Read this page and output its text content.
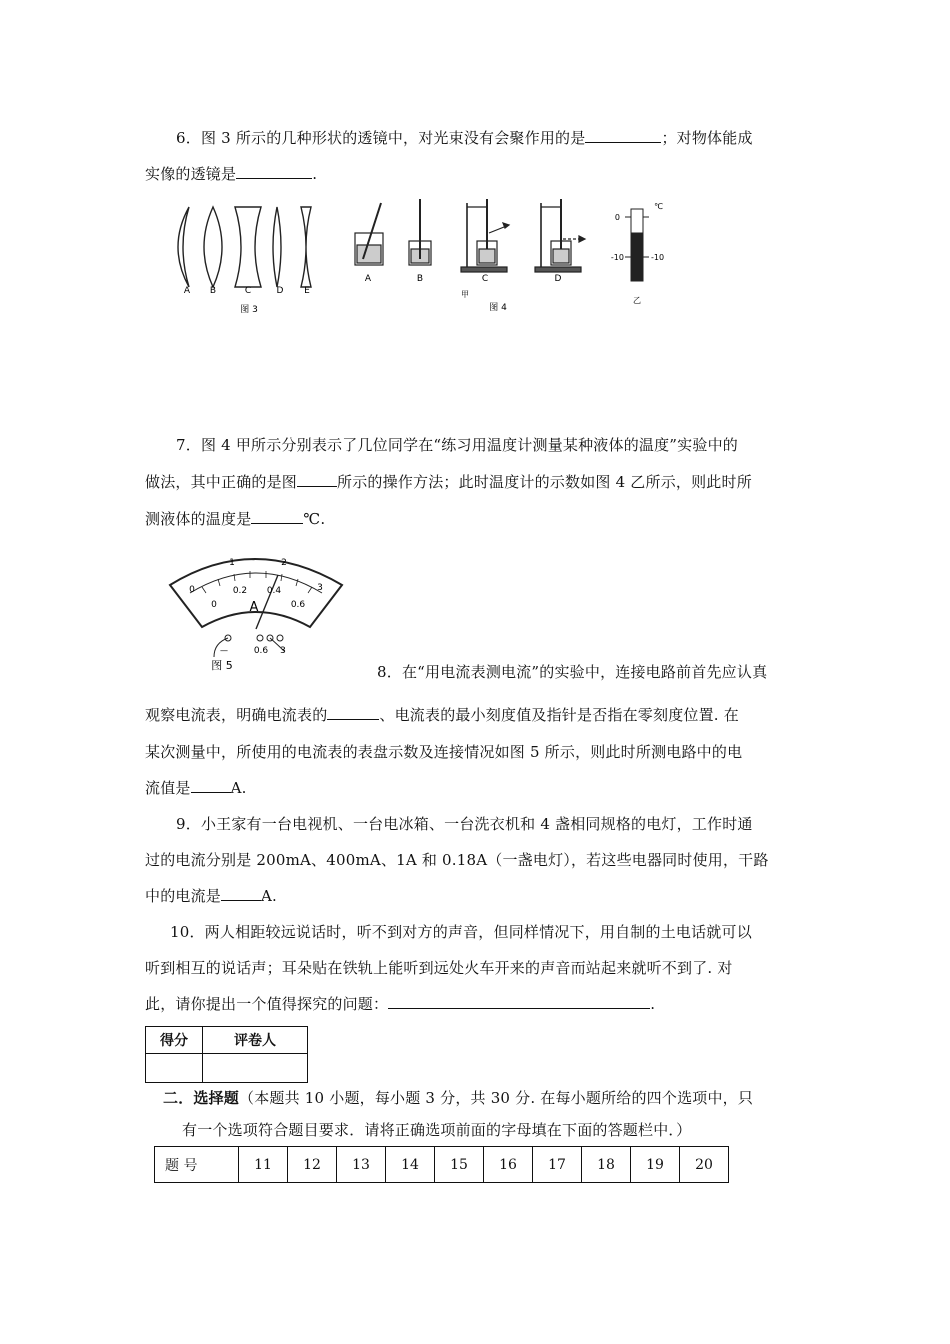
6．图 3 所示的几种形状的透镜中，对光束没有会聚作用的是	；对物体能成
实像的透镜是	.
A B	C	D E
图 3
A	B	C	D
甲
图 4
℃
0
-10	-10
乙
7．图 4 甲所示分别表示了几位同学在“练习用温度计测量某种液体的温度”实验中的
做法，其中正确的是图	所示的操作方法；此时温度计的示数如图 4 乙所示，则此时所
测液体的温度是	℃.
0
1	2
3
0
0.2 0.4
0.6
A
—	0.6 3
图 5	8．在“用电流表测电流”的实验中，连接电路前首先应认真
观察电流表，明确电流表的	、电流表的最小刻度值及指针是否指在零刻度位置. 在
某次测量中，所使用的电流表的表盘示数及连接情况如图 5 所示，则此时所测电路中的电
流值是	A.
9．小王家有一台电视机、一台电冰箱、一台洗衣机和 4 盏相同规格的电灯，工作时通
过的电流分别是 200mA、400mA、1A 和 0.18A（一盏电灯），若这些电器同时使用，干路
中的电流是	A.
10．两人相距较远说话时，听不到对方的声音，但同样情况下，用自制的土电话就可以
听到相互的说话声；耳朵贴在铁轨上能听到远处火车开来的声音而站起来就听不到了. 对
此，请你提出一个值得探究的问题：	.
得分	评卷人

二．选择题（本题共 10 小题，每小题 3 分，共 30 分. 在每小题所给的四个选项中，只
有一个选项符合题目要求．请将正确选项前面的字母填在下面的答题栏中．）
题 号	11	12	13	14	15	16	17	18	19	20
